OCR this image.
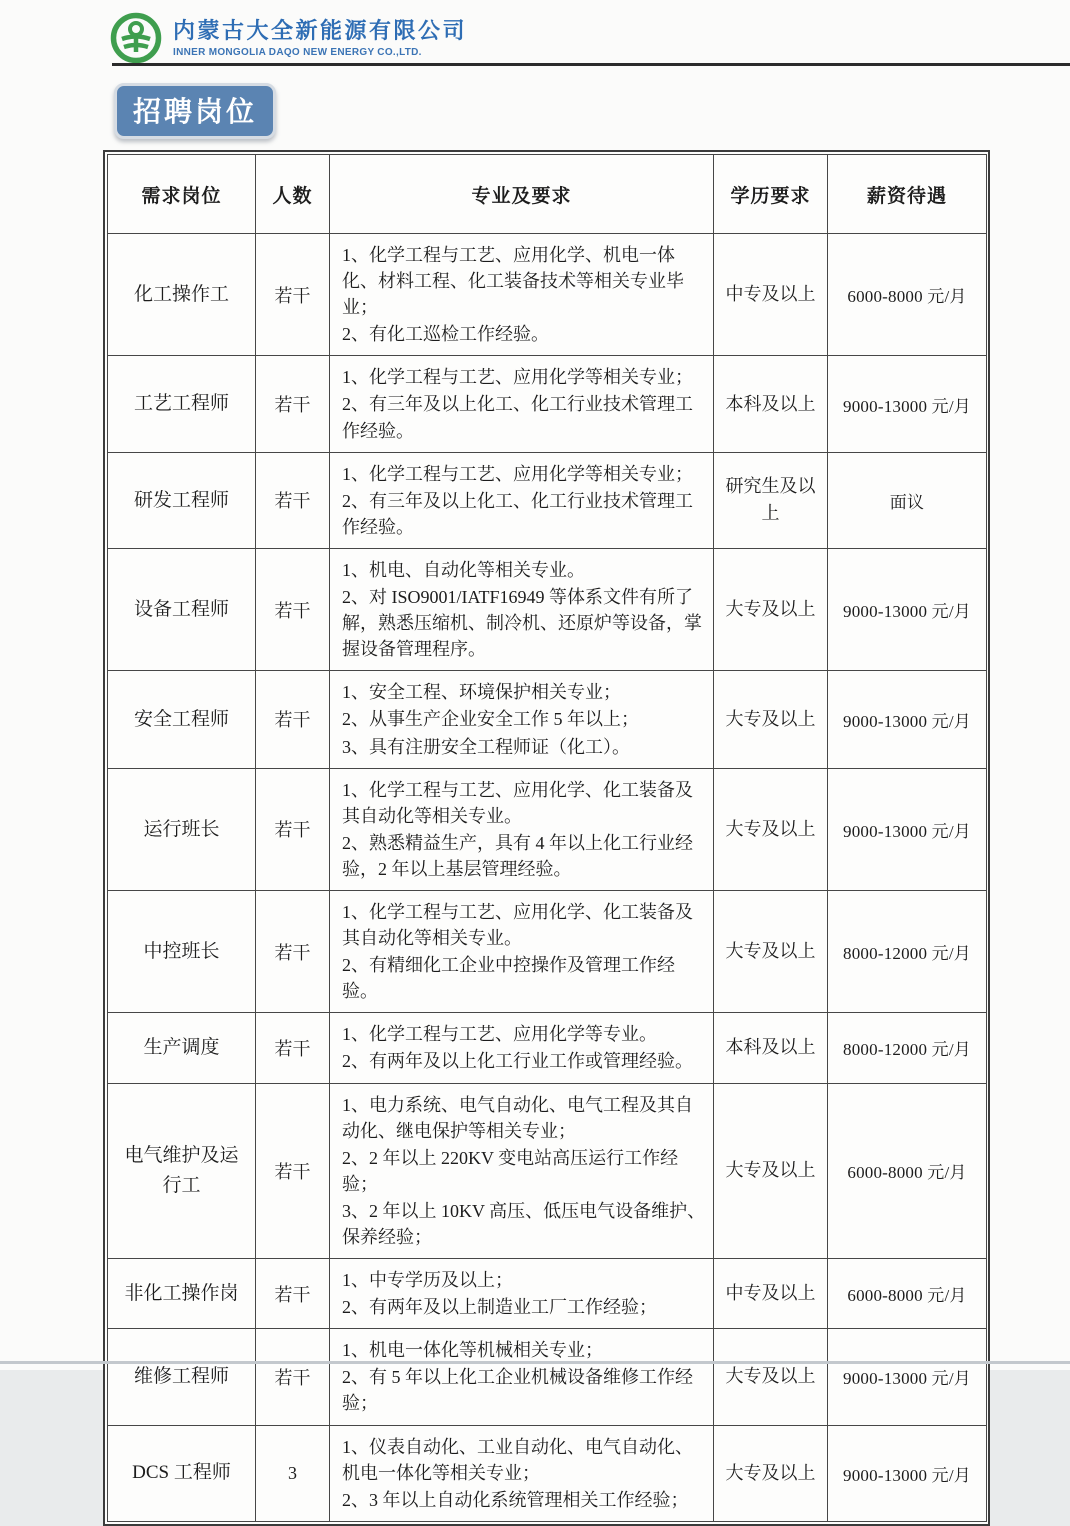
内蒙古大全新能源有限公司
INNER MONGOLIA DAQO NEW ENERGY CO.,LTD.
招聘岗位
需求岗位	人数	专业及要求	学历要求	薪资待遇
化工操作工	若干	1、化学工程与工艺、应用化学、机电一体化、材料工程、化工装备技术等相关专业毕业；
2、有化工巡检工作经验。	中专及以上	6000-8000 元/月
工艺工程师	若干	1、化学工程与工艺、应用化学等相关专业；
2、有三年及以上化工、化工行业技术管理工作经验。	本科及以上	9000-13000 元/月
研发工程师	若干	1、化学工程与工艺、应用化学等相关专业；
2、有三年及以上化工、化工行业技术管理工作经验。	研究生及以上	面议
设备工程师	若干	1、机电、自动化等相关专业。
2、对 ISO9001/IATF16949 等体系文件有所了解，熟悉压缩机、制冷机、还原炉等设备，掌握设备管理程序。	大专及以上	9000-13000 元/月
安全工程师	若干	1、安全工程、环境保护相关专业；
2、从事生产企业安全工作 5 年以上；
3、具有注册安全工程师证（化工）。	大专及以上	9000-13000 元/月
运行班长	若干	1、化学工程与工艺、应用化学、化工装备及其自动化等相关专业。
2、熟悉精益生产，具有 4 年以上化工行业经验，2 年以上基层管理经验。	大专及以上	9000-13000 元/月
中控班长	若干	1、化学工程与工艺、应用化学、化工装备及其自动化等相关专业。
2、有精细化工企业中控操作及管理工作经验。	大专及以上	8000-12000 元/月
生产调度	若干	1、化学工程与工艺、应用化学等专业。
2、有两年及以上化工行业工作或管理经验。	本科及以上	8000-12000 元/月
电气维护及运行工	若干	1、电力系统、电气自动化、电气工程及其自动化、继电保护等相关专业；
2、2 年以上 220KV 变电站高压运行工作经验；
3、2 年以上 10KV 高压、低压电气设备维护、保养经验；	大专及以上	6000-8000 元/月
非化工操作岗	若干	1、中专学历及以上；
2、有两年及以上制造业工厂工作经验；	中专及以上	6000-8000 元/月
维修工程师	若干	1、机电一体化等机械相关专业；
2、有 5 年以上化工企业机械设备维修工作经验；	大专及以上	9000-13000 元/月
DCS 工程师	3	1、仪表自动化、工业自动化、电气自动化、机电一体化等相关专业；
2、3 年以上自动化系统管理相关工作经验；	大专及以上	9000-13000 元/月
